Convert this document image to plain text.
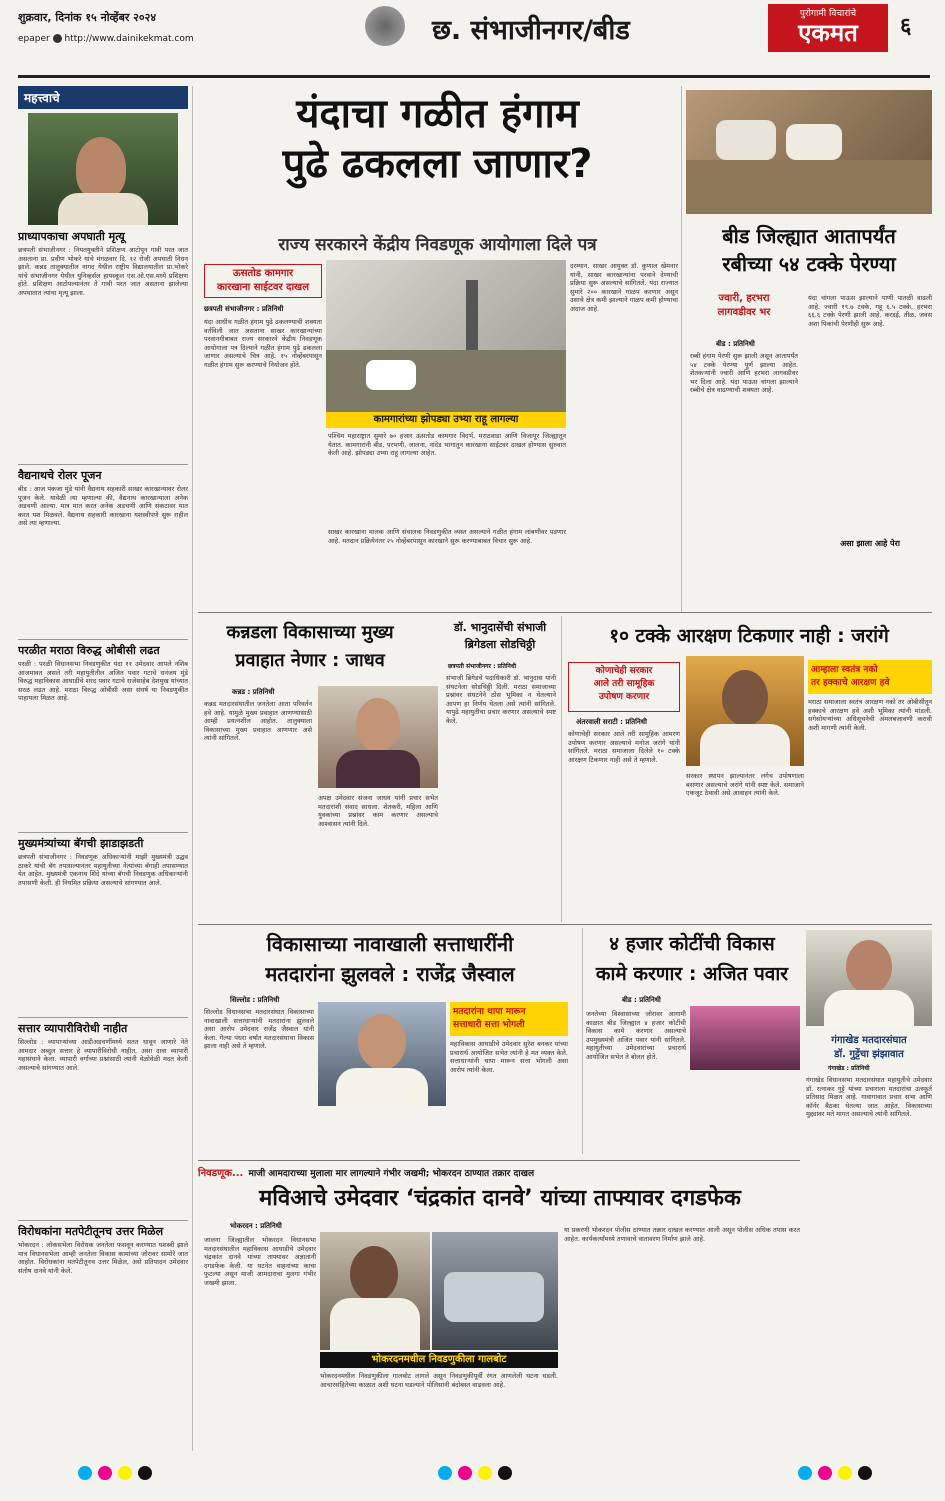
शुक्रवार, दिनांक १५ नोव्हेंबर २०२४
epaper http://www.dainikekmat.com	छ. संभाजीनगर/बीड
पुरोगामी विचारांचे
एकमत	६
महत्त्वाचे
प्राध्यापकाचा अपघाती मृत्यू
छत्रपती संभाजीनगर : नियतयुक्तीने प्रशिक्षण आटोपून गावी परत जात असताना प्रा. प्रवीण भोकरे यांचे मंगळवार दि. १२ रोजी अपघाती निधन झाले. कन्नड तालुक्यातील नागद येथील राष्ट्रीय विद्यालयातील प्रा.भोकरे यांचे संभाजीनगर येथील युनिव्हर्सल हायस्कूल एस.ओ.एस.मध्ये प्रशिक्षण होते. प्रशिक्षण आटोपल्यानंतर ते गावी परत जात असताना झालेल्या अपघातात त्यांचा मृत्यू झाला.
वैद्यनाथचे रोलर पूजन
बीड : आज पंकजा मुंडे यांनी वैद्यनाथ सहकारी साखर कारखान्यावर रोलर पूजन केले. यावेळी त्या म्हणाल्या की, वैद्यनाथ कारखान्याला अनेक अडचणी आल्या. मात्र मात करत अनेक अडचणी आणि संकटावर मात करत यश मिळवले. वैद्यनाथ सहकारी कारखाना यशस्वीपणे सुरू राहील असे त्या म्हणाल्या.
परळीत मराठा विरुद्ध ओबीसी लढत
परळी : परळी विधानसभा निवडणुकीत यंदा ११ उमेदवार आपले नशिब आजमावत असले तरी महायुतीतील अजित पवार गटाचे धनंजय मुंडे विरुद्ध महाविकास आघाडीचे शरद पवार गटाचे राजेसाहेब देशमुख यांच्यात सरळ लढत आहे. मराठा विरुद्ध ओबीसी असा संघर्ष या निवडणुकीत पाहायला मिळत आहे.
मुख्यमंत्र्यांच्या बॅगची झाडाझडती
छत्रपती संभाजीनगर : निवडणूक अधिकाऱ्यांनी माझी मुख्यमंत्री उद्धव ठाकरे यांची बॅग तपासल्यानंतर महायुतीच्या नेत्यांच्या बॅगाही तपासण्यात येत आहेत. मुख्यमंत्री एकनाथ शिंदे यांच्या बॅगची निवडणूक अधिकाऱ्यांनी तपासणी केली. ही नियमित प्रक्रिया असल्याचे सांगण्यात आले.
सत्तार व्यापारीविरोधी नाहीत
सिल्लोड : व्यापाऱ्यांच्या आडीअडचणींमध्ये सतत धावून जाणारे नेते आमदार अब्दुल सत्तार हे व्यापारीविरोधी नाहीत, असा दावा व्यापारी महासंघाने केला. व्यापारी वर्गाच्या प्रश्नांसाठी त्यांनी वेळोवेळी मदत केली असल्याचे सांगण्यात आले.
विरोधकांना मतपेटीतूनच उत्तर मिळेल
भोकरदन : लोकसभेला विरोधक जनतेला फसवून करण्यात यशस्वी झाले मात्र विधानसभेला आम्ही जनतेला विकास कामांच्या जोरावर सामोरे जात आहोत. विरोधकांना मतपेटीतूनच उत्तर मिळेल, असे प्रतिपादन उमेदवार संतोष दानवे यांनी केले.
यंदाचा गळीत हंगाम
पुढे ढकलला जाणार?
राज्य सरकारने केंद्रीय निवडणूक आयोगाला दिले पत्र
ऊसतोड कामगार
कारखाना साईटवर दाखल
छत्रपती संभाजीनगर : प्रतिनिधी
यंदा आधीच गळीत हंगाम पुढे ढकलण्याची शक्यता वर्तविली जात असताना साखर कारखान्यांच्या परवानगीबाबत राज्य सरकारने केंद्रीय निवडणूक आयोगाला पत्र दिल्याने गळीत हंगाम पुढे ढकलला जाणार असल्याचे चित्र आहे. १५ नोव्हेंबरपासून गळीत हंगाम सुरू करण्याचे नियोजन होते.
कामगारांच्या झोपड्या उभ्या राहू लागल्या
पश्चिम महाराष्ट्रात सुमारे ७० हजार ऊसतोड कामगार विदर्भ, मराठवाडा आणि विजापूर जिल्ह्यातून येतात. कामगारांनी बीड, परभणी, जालना, नांदेड भागातून कारखाना साईटवर दाखल होण्यास सुरुवात केली आहे. झोपड्या उभ्या राहू लागल्या आहेत.
साखर कारखाना मालक आणि संचालक निवडणुकीत व्यस्त असल्याने गळीत हंगाम लांबणीवर पडणार आहे. मतदान प्रक्रियेनंतर २५ नोव्हेंबरपासून कारखाने सुरू करण्याबाबत विचार सुरू आहे.
दरम्यान, साखर आयुक्त डॉ. कुणाल खेमनार यांनी, साखर कारखान्यांना परवाने देण्याची प्रक्रिया सुरू असल्याचे सांगितले. यंदा राज्यात सुमारे २०० कारखाने गाळप करणार असून उसाचे क्षेत्र कमी झाल्याने गाळप कमी होण्याचा अंदाज आहे.
बीड जिल्ह्यात आतापर्यंत
रबीच्या ५४ टक्के पेरण्या
ज्वारी, हरभरा
लागवडीवर भर
बीड : प्रतिनिधी
रब्बी हंगाम पेरणी सुरू झाली असून आतापर्यंत ५४ टक्के पेरण्या पूर्ण झाल्या आहेत. शेतकऱ्यांनी ज्वारी आणि हरभरा लागवडीवर भर दिला आहे. यंदा पाऊस चांगला झाल्याने रब्बीचे क्षेत्र वाढण्याची शक्यता आहे.
यंदा चांगला पाऊस झाल्याने पाणी पातळी वाढली आहे. ज्वारी १९.७ टक्के, गहू ६.५ टक्के, हरभरा ६६.६ टक्के पेरणी झाली आहे. करडई, तीळ, जवस अशा पिकांची पेरणीही सुरू आहे.
असा झाला आहे पेरा
कन्नडला विकासाच्या मुख्य
प्रवाहात नेणार : जाधव
कन्नड : प्रतिनिधी
कन्नड मतदारसंघातील जनतेला आता परिवर्तन हवे आहे. यामुळे मुख्य प्रवाहात आणण्यासाठी आम्ही प्रयत्नशील आहोत. तालुक्याला विकासाच्या मुख्य प्रवाहात आणणार असे त्यांनी सांगितले.
अपक्ष उमेदवार संजना जाधव यांनी प्रचार सभेत मतदारांशी संवाद साधला. शेतकरी, महिला आणि युवकांच्या प्रश्नांवर काम करणार असल्याचे आश्वासन त्यांनी दिले.
डॉ. भानुदासेंची संभाजी
ब्रिगेडला सोडचिठ्ठी
छत्रपती संभाजीनगर : प्रतिनिधी
संभाजी ब्रिगेडचे पदाधिकारी डॉ. भानुदास यांनी संघटनेला सोडचिठ्ठी दिली. मराठा समाजाच्या प्रश्नांवर संघटनेने ठोस भूमिका न घेतल्याने आपण हा निर्णय घेतला असे त्यांनी सांगितले. यापुढे महायुतीचा प्रचार करणार असल्याचे स्पष्ट केले.
१० टक्के आरक्षण टिकणार नाही : जरांगे
कोणाचेही सरकार
आले तरी सामूहिक
उपोषण करणार
अंतरवाली सराटी : प्रतिनिधी
कोणाचेही सरकार आले तरी सामूहिक आमरण उपोषण करणार असल्याचे मनोज जरांगे यांनी सांगितले. मराठा समाजाला दिलेले १० टक्के आरक्षण टिकणार नाही असे ते म्हणाले.
सरकार स्थापन झाल्यानंतर लगेच उपोषणाला बसणार असल्याचे जरांगे यांनी स्पष्ट केले. समाजाने एकजूट ठेवावी असे आवाहन त्यांनी केले.
आम्हाला स्वतंत्र नको
तर हक्काचे आरक्षण हवे
मराठा समाजाला स्वतंत्र आरक्षण नको तर ओबीसीतून हक्काचे आरक्षण हवे अशी भूमिका त्यांनी मांडली. सगेसोयऱ्यांच्या अधिसूचनेची अंमलबजावणी करावी अशी मागणी त्यांनी केली.
विकासाच्या नावाखाली सत्ताधारींनी
मतदारांना झुलवले : राजेंद्र जैस्वाल
सिल्लोड : प्रतिनिधी
सिल्लोड विधानसभा मतदारसंघात विकासाच्या नावाखाली सत्ताधाऱ्यांनी मतदारांना झुलवले असा आरोप उमेदवार राजेंद्र जैस्वाल यांनी केला. गेल्या पंधरा वर्षांत मतदारसंघाचा विकास झाला नाही असे ते म्हणाले.
मतदारांना थापा मारून
सत्ताधारी सत्ता भोगली
महाविकास आघाडीचे उमेदवार सुरेश बनकर यांच्या प्रचारार्थ आयोजित सभेत त्यांनी हे मत व्यक्त केले. सत्ताधाऱ्यांनी थापा मारून सत्ता भोगली असा आरोप त्यांनी केला.
४ हजार कोटींची विकास
कामे करणार : अजित पवार
बीड : प्रतिनिधी
जनतेच्या विश्वासाच्या जोरावर आगामी काळात बीड जिल्ह्यात ४ हजार कोटींची विकास कामे करणार असल्याचे उपमुख्यमंत्री अजित पवार यांनी सांगितले. महायुतीच्या उमेदवारांच्या प्रचारार्थ आयोजित सभेत ते बोलत होते.
गंगाखेड मतदारसंघात
डॉ. गुट्टेंचा झंझावात
गंगाखेड : प्रतिनिधी
गंगाखेड विधानसभा मतदारसंघात महायुतीचे उमेदवार डॉ. रत्नाकर गुट्टे यांच्या प्रचाराला मतदारांचा उत्स्फूर्त प्रतिसाद मिळत आहे. गावागावात प्रचार सभा आणि कॉर्नर बैठका घेतल्या जात आहेत. विकासाच्या मुद्द्यावर मते मागत असल्याचे त्यांनी सांगितले.
निवडणूक... माजी आमदाराच्या मुलाला मार लागल्याने गंभीर जखमी; भोकरदन ठाण्यात तक्रार दाखल
मविआचे उमेदवार ‘चंद्रकांत दानवे’ यांच्या ताफ्यावर दगडफेक
भोकरदन : प्रतिनिधी
जालना जिल्ह्यातील भोकरदन विधानसभा मतदारसंघातील महाविकास आघाडीचे उमेदवार चंद्रकांत दानवे यांच्या ताफ्यावर अज्ञातांनी दगडफेक केली. या घटनेत वाहनांच्या काचा फुटल्या असून माजी आमदाराचा मुलगा गंभीर जखमी झाला.
भोकरदनमधील निवडणुकीला गालबोट
भोकरदनमधील निवडणुकीला गालबोट लागले असून निवडणुकीपूर्वी रंगत आणलेली घटना घडली. आचारसंहितेच्या काळात अशी घटना घडल्याने पोलिसांनी बंदोबस्त वाढवला आहे.
या प्रकरणी भोकरदन पोलीस ठाण्यात तक्रार दाखल करण्यात आली असून पोलीस अधिक तपास करत आहेत. कार्यकर्त्यांमध्ये तणावाचे वातावरण निर्माण झाले आहे.
